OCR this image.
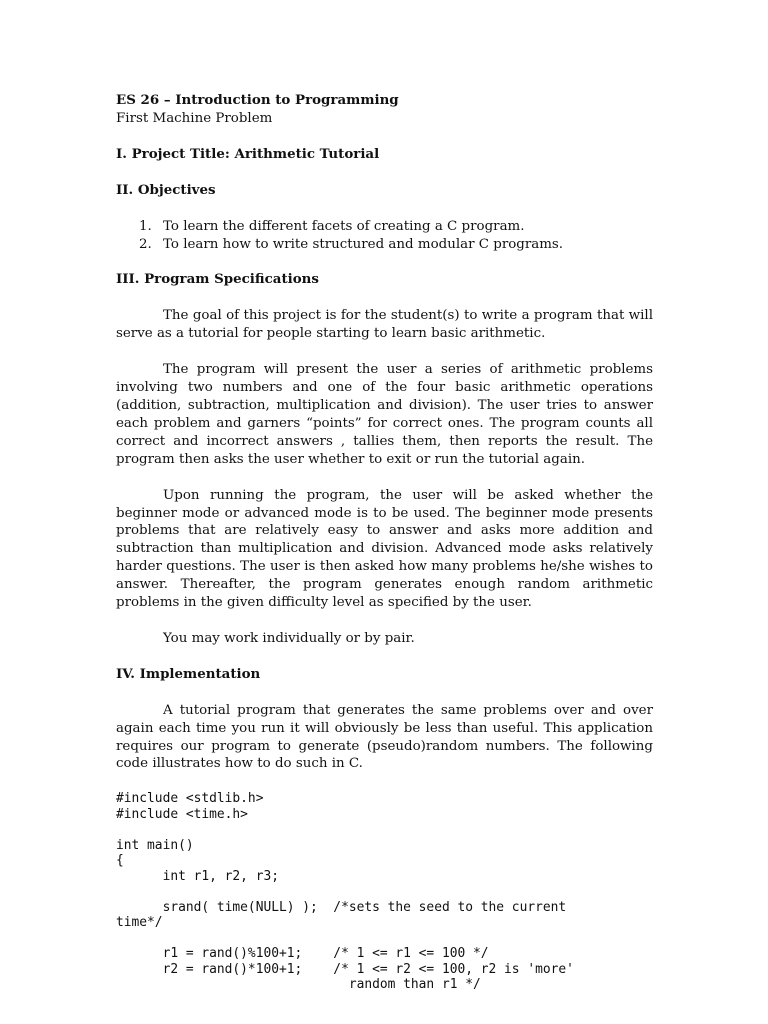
ES 26 – Introduction to Programming
First Machine Problem
I. Project Title: Arithmetic Tutorial
II. Objectives
1. To learn the different facets of creating a C program.
2. To learn how to write structured and modular C programs.
III. Program Specifications

The goal of this project is for the student(s) to write a program that will serve as a tutorial for people starting to learn basic arithmetic.

The program will present the user a series of arithmetic problems involving two numbers and one of the four basic arithmetic operations (addition, subtraction, multiplication and division). The user tries to answer each problem and garners “points” for correct ones. The program counts all correct and incorrect answers , tallies them, then reports the result. The program then asks the user whether to exit or run the tutorial again.

Upon running the program, the user will be asked whether the beginner mode or advanced mode is to be used. The beginner mode presents problems that are relatively easy to answer and asks more addition and subtraction than multiplication and division. Advanced mode asks relatively harder questions. The user is then asked how many problems he/she wishes to answer. Thereafter, the program generates enough random arithmetic problems in the given difficulty level as specified by the user.

You may work individually or by pair.

IV. Implementation

A tutorial program that generates the same problems over and over again each time you run it will obviously be less than useful. This application requires our program to generate (pseudo)random numbers. The following code illustrates how to do such in C.

#include <stdlib.h>
#include <time.h>

int main()
{
int r1, r2, r3;

srand( time(NULL) );  /*sets the seed to the current
time*/

r1 = rand()%100+1;    /* 1 <= r1 <= 100 */
r2 = rand()*100+1;    /* 1 <= r2 <= 100, r2 is 'more'
random than r1 */
